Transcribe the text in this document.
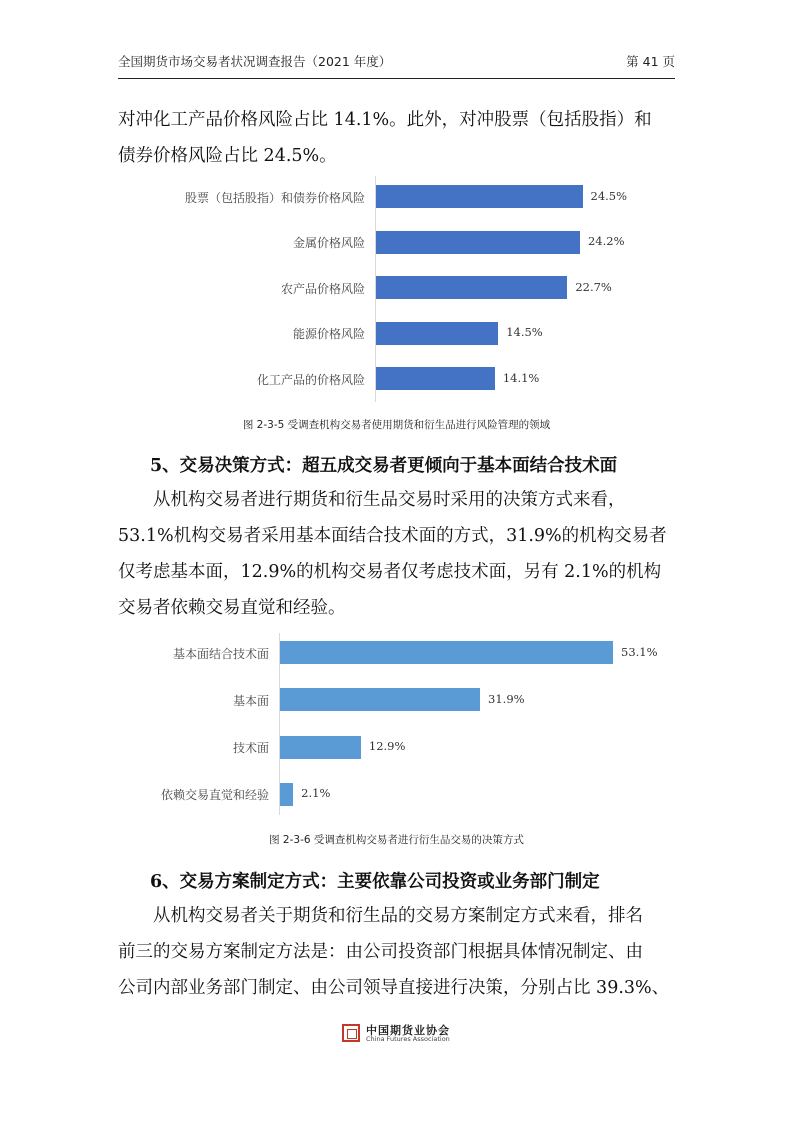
全国期货市场交易者状况调查报告（2021 年度）	第 41 页

对冲化工产品价格风险占比 14.1%。此外，对冲股票（包括股指）和
债券价格风险占比 24.5%。

股票（包括股指）和债券价格风险	24.5%
金属价格风险	24.2%
农产品价格风险	22.7%
能源价格风险	14.5%
化工产品的价格风险	14.1%
图 2-3-5 受调查机构交易者使用期货和衍生品进行风险管理的领域
5、交易决策方式：超五成交易者更倾向于基本面结合技术面

从机构交易者进行期货和衍生品交易时采用的决策方式来看，
53.1%机构交易者采用基本面结合技术面的方式，31.9%的机构交易者
仅考虑基本面，12.9%的机构交易者仅考虑技术面，另有 2.1%的机构
交易者依赖交易直觉和经验。

基本面结合技术面	53.1%
基本面	31.9%
技术面	12.9%
依赖交易直觉和经验	2.1%
图 2-3-6 受调查机构交易者进行衍生品交易的决策方式
6、交易方案制定方式：主要依靠公司投资或业务部门制定

从机构交易者关于期货和衍生品的交易方案制定方式来看，排名
前三的交易方案制定方法是：由公司投资部门根据具体情况制定、由
公司内部业务部门制定、由公司领导直接进行决策，分别占比 39.3%、

中国期货业协会
China Futures Association
